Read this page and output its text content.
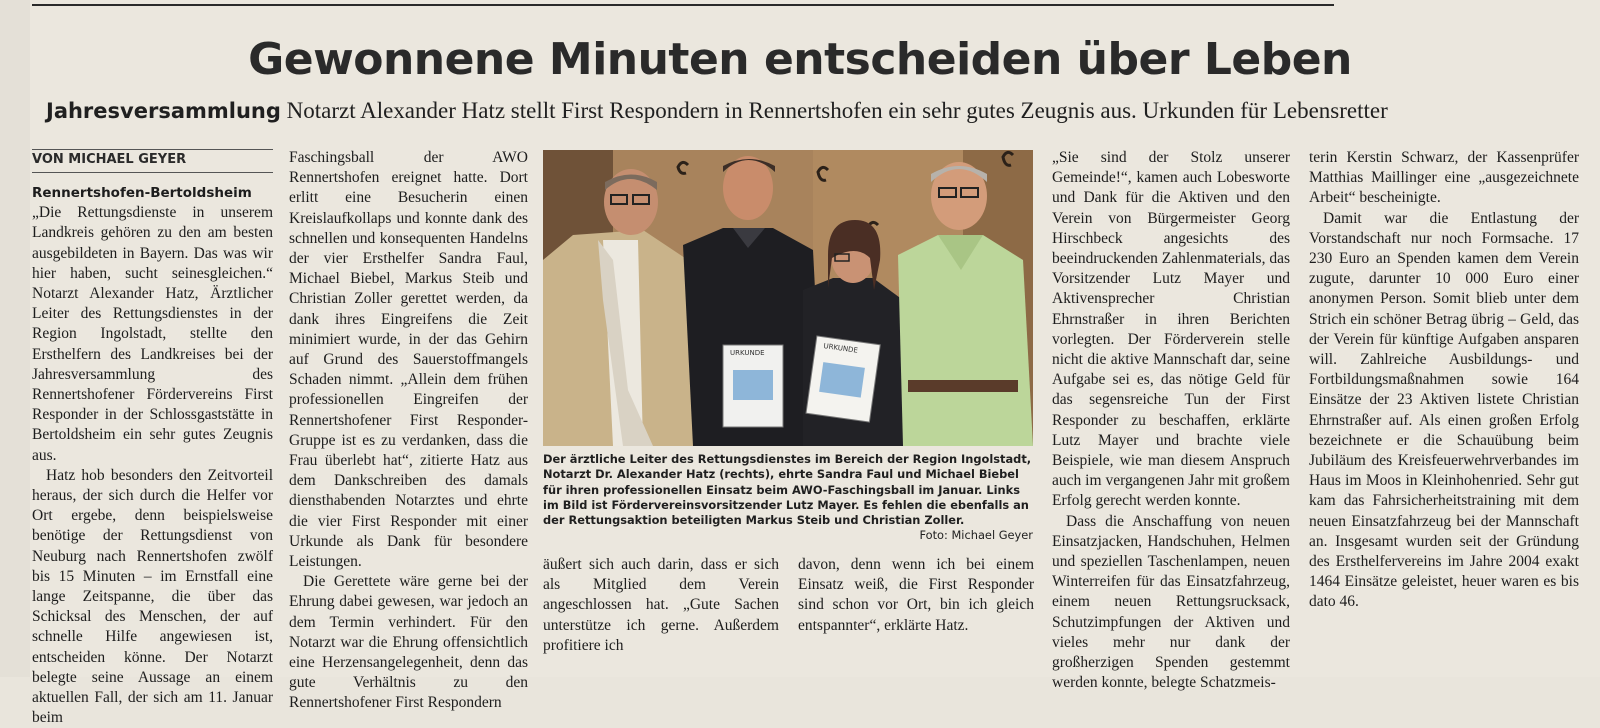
Gewonnene Minuten entscheiden über Leben
Jahresversammlung Notarzt Alexander Hatz stellt First Respondern in Rennertshofen ein sehr gutes Zeugnis aus. Urkunden für Lebensretter
VON MICHAEL GEYER

Rennertshofen-Bertoldsheim „Die Rettungsdienste in unserem Landkreis gehören zu den am besten ausgebildeten in Bayern. Das was wir hier haben, sucht seinesgleichen.“ Notarzt Alexander Hatz, Ärztlicher Leiter des Rettungsdienstes in der Region Ingolstadt, stellte den Ersthelfern des Landkreises bei der Jahresversammlung des Rennertshofener Fördervereins First Responder in der Schlossgaststätte in Bertoldsheim ein sehr gutes Zeugnis aus.

Hatz hob besonders den Zeitvorteil heraus, der sich durch die Helfer vor Ort ergebe, denn beispielsweise benötige der Rettungsdienst von Neuburg nach Rennertshofen zwölf bis 15 Minuten – im Ernstfall eine lange Zeitspanne, die über das Schicksal des Menschen, der auf schnelle Hilfe angewiesen ist, entscheiden könne. Der Notarzt belegte seine Aussage an einem aktuellen Fall, der sich am 11. Januar beim

Faschingsball der AWO Rennertshofen ereignet hatte. Dort erlitt eine Besucherin einen Kreislaufkollaps und konnte dank des schnellen und konsequenten Handelns der vier Ersthelfer Sandra Faul, Michael Biebel, Markus Steib und Christian Zoller gerettet werden, da dank ihres Eingreifens die Zeit minimiert wurde, in der das Gehirn auf Grund des Sauerstoffmangels Schaden nimmt. „Allein dem frühen professionellen Eingreifen der Rennertshofener First Responder-Gruppe ist es zu verdanken, dass die Frau überlebt hat“, zitierte Hatz aus dem Dankschreiben des damals diensthabenden Notarztes und ehrte die vier First Responder mit einer Urkunde als Dank für besondere Leistungen.

Die Gerettete wäre gerne bei der Ehrung dabei gewesen, war jedoch an dem Termin verhindert. Für den Notarzt war die Ehrung offensichtlich eine Herzensangelegenheit, denn das gute Verhältnis zu den Rennertshofener First Respondern

URKUNDE	URKUNDE
Der ärztliche Leiter des Rettungsdienstes im Bereich der Region Ingolstadt, Notarzt Dr. Alexander Hatz (rechts), ehrte Sandra Faul und Michael Biebel für ihren professionellen Einsatz beim AWO-Faschingsball im Januar. Links im Bild ist Fördervereinsvorsitzender Lutz Mayer. Es fehlen die ebenfalls an der Rettungsaktion beteiligten Markus Steib und Christian Zoller.
Foto: Michael Geyer

äußert sich auch darin, dass er sich als Mitglied dem Verein angeschlossen hat. „Gute Sachen unterstütze ich gerne. Außerdem profitiere ich

davon, denn wenn ich bei einem Einsatz weiß, die First Responder sind schon vor Ort, bin ich gleich entspannter“, erklärte Hatz.

„Sie sind der Stolz unserer Gemeinde!“, kamen auch Lobesworte und Dank für die Aktiven und den Verein von Bürgermeister Georg Hirschbeck angesichts des beeindruckenden Zahlenmaterials, das Vorsitzender Lutz Mayer und Aktivensprecher Christian Ehrnstraßer in ihren Berichten vorlegten. Der Förderverein stelle nicht die aktive Mannschaft dar, seine Aufgabe sei es, das nötige Geld für das segensreiche Tun der First Responder zu beschaffen, erklärte Lutz Mayer und brachte viele Beispiele, wie man diesem Anspruch auch im vergangenen Jahr mit großem Erfolg gerecht werden konnte.

Dass die Anschaffung von neuen Einsatzjacken, Handschuhen, Helmen und speziellen Taschenlampen, neuen Winterreifen für das Einsatzfahrzeug, einem neuen Rettungsrucksack, Schutzimpfungen der Aktiven und vieles mehr nur dank der großherzigen Spenden gestemmt werden konnte, belegte Schatzmeis-

terin Kerstin Schwarz, der Kassenprüfer Matthias Maillinger eine „ausgezeichnete Arbeit“ bescheinigte.

Damit war die Entlastung der Vorstandschaft nur noch Formsache. 17 230 Euro an Spenden kamen dem Verein zugute, darunter 10 000 Euro einer anonymen Person. Somit blieb unter dem Strich ein schöner Betrag übrig – Geld, das der Verein für künftige Aufgaben ansparen will. Zahlreiche Ausbildungs- und Fortbildungsmaßnahmen sowie 164 Einsätze der 23 Aktiven listete Christian Ehrnstraßer auf. Als einen großen Erfolg bezeichnete er die Schauübung beim Jubiläum des Kreisfeuerwehrverbandes im Haus im Moos in Kleinhohenried. Sehr gut kam das Fahrsicherheitstraining mit dem neuen Einsatzfahrzeug bei der Mannschaft an. Insgesamt wurden seit der Gründung des Ersthelfervereins im Jahre 2004 exakt 1464 Einsätze geleistet, heuer waren es bis dato 46.
